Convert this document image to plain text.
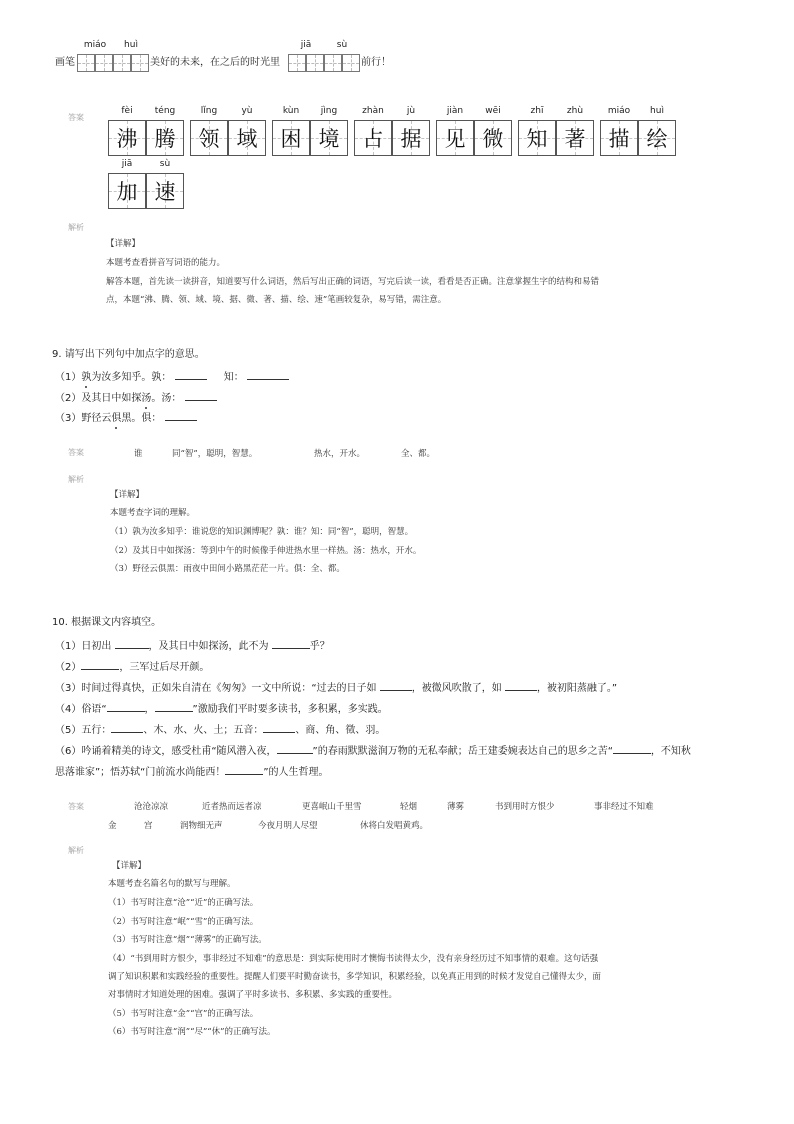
画笔
miáo	huì
美好的未来，在之后的时光里
jiā	sù
前行！
答案
fèi
沸
téng
腾
lǐng
领
yù
域
kùn
困
jìng
境
zhàn
占
jù
据
jiàn
见
wēi
微
zhī
知
zhù
著
miáo
描
huì
绘
jiā
加
sù
速
解析
【详解】
本题考查看拼音写词语的能力。
解答本题，首先读一读拼音，知道要写什么词语，然后写出正确的词语，写完后读一读，看看是否正确。注意掌握生字的结构和易错
点，本题“沸、腾、领、域、境、据、微、著、描、绘、速”笔画较复杂，易写错，需注意。
9. 请写出下列句中加点字的意思。
（1）孰为汝多知乎。孰：	知：
（2）及其日中如探汤。汤：
（3）野径云俱黑。俱：
答案	谁	同“智”，聪明，智慧。	热水，开水。	全、都。
解析
【详解】
本题考查字词的理解。
（1）孰为汝多知乎：谁说您的知识渊博呢？孰：谁？知：同“智”，聪明，智慧。
（2）及其日中如探汤：等到中午的时候像手伸进热水里一样热。汤：热水，开水。
（3）野径云俱黑：雨夜中田间小路黑茫茫一片。俱：全、都。
10. 根据课文内容填空。
（1）日初出	，及其日中如探汤，此不为	乎？
（2）	，三军过后尽开颜。
（3）时间过得真快，正如朱自清在《匆匆》一文中所说：“过去的日子如	，被微风吹散了，如	，被初阳蒸融了。”
（4）俗语“	，	”激励我们平时要多读书，多积累，多实践。
（5）五行：	、木、水、火、土；五音：	、商、角、徵、羽。
（6）吟诵着精美的诗文，感受杜甫“随风潜入夜，	”的春雨默默滋润万物的无私奉献；岳王建委婉表达自己的思乡之苦“	，不知秋
思落谁家”；悟苏轼“门前流水尚能西！	”的人生哲理。
答案	沧沧凉凉	近者热而远者凉	更喜岷山千里雪	轻烟	薄雾	书到用时方恨少	事非经过不知难
金	宫	润物细无声	今夜月明人尽望	休将白发唱黄鸡。
解析
【详解】
本题考查名篇名句的默写与理解。
（1）书写时注意“沧”“近”的正确写法。
（2）书写时注意“岷”“雪”的正确写法。
（3）书写时注意“烟”“薄雾”的正确写法。
（4）“书到用时方恨少，事非经过不知难”的意思是：到实际使用时才懊悔书读得太少，没有亲身经历过不知事情的艰难。这句话强
调了知识积累和实践经验的重要性。提醒人们要平时勤奋读书，多学知识，积累经验，以免真正用到的时候才发觉自己懂得太少，面
对事情时才知道处理的困难。强调了平时多读书、多积累、多实践的重要性。
（5）书写时注意“金”“宫”的正确写法。
（6）书写时注意“润”“尽”“休”的正确写法。
